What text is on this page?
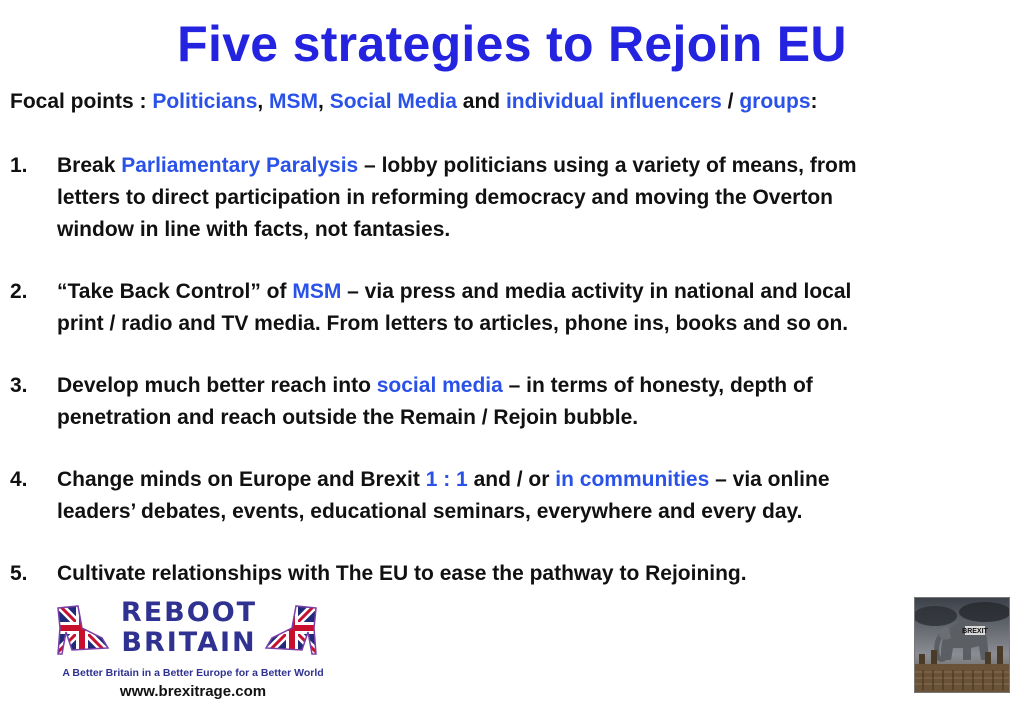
Five strategies to Rejoin EU
Focal points : Politicians, MSM, Social Media and individual influencers / groups:
1. Break Parliamentary Paralysis – lobby politicians using a variety of means, from
letters to direct participation in reforming democracy and moving the Overton
window in line with facts, not fantasies.
2. “Take Back Control” of MSM – via press and media activity in national and local
print / radio and TV media. From letters to articles, phone ins, books and so on.
3. Develop much better reach into social media – in terms of honesty, depth of
penetration and reach outside the Remain / Rejoin bubble.
4. Change minds on Europe and Brexit 1 : 1 and / or in communities – via online
leaders’ debates, events, educational seminars, everywhere and every day.
5. Cultivate relationships with The EU to ease the pathway to Rejoining.
REBOOT
BRITAIN
A Better Britain in a Better Europe for a Better World
www.brexitrage.com
BREXIT
